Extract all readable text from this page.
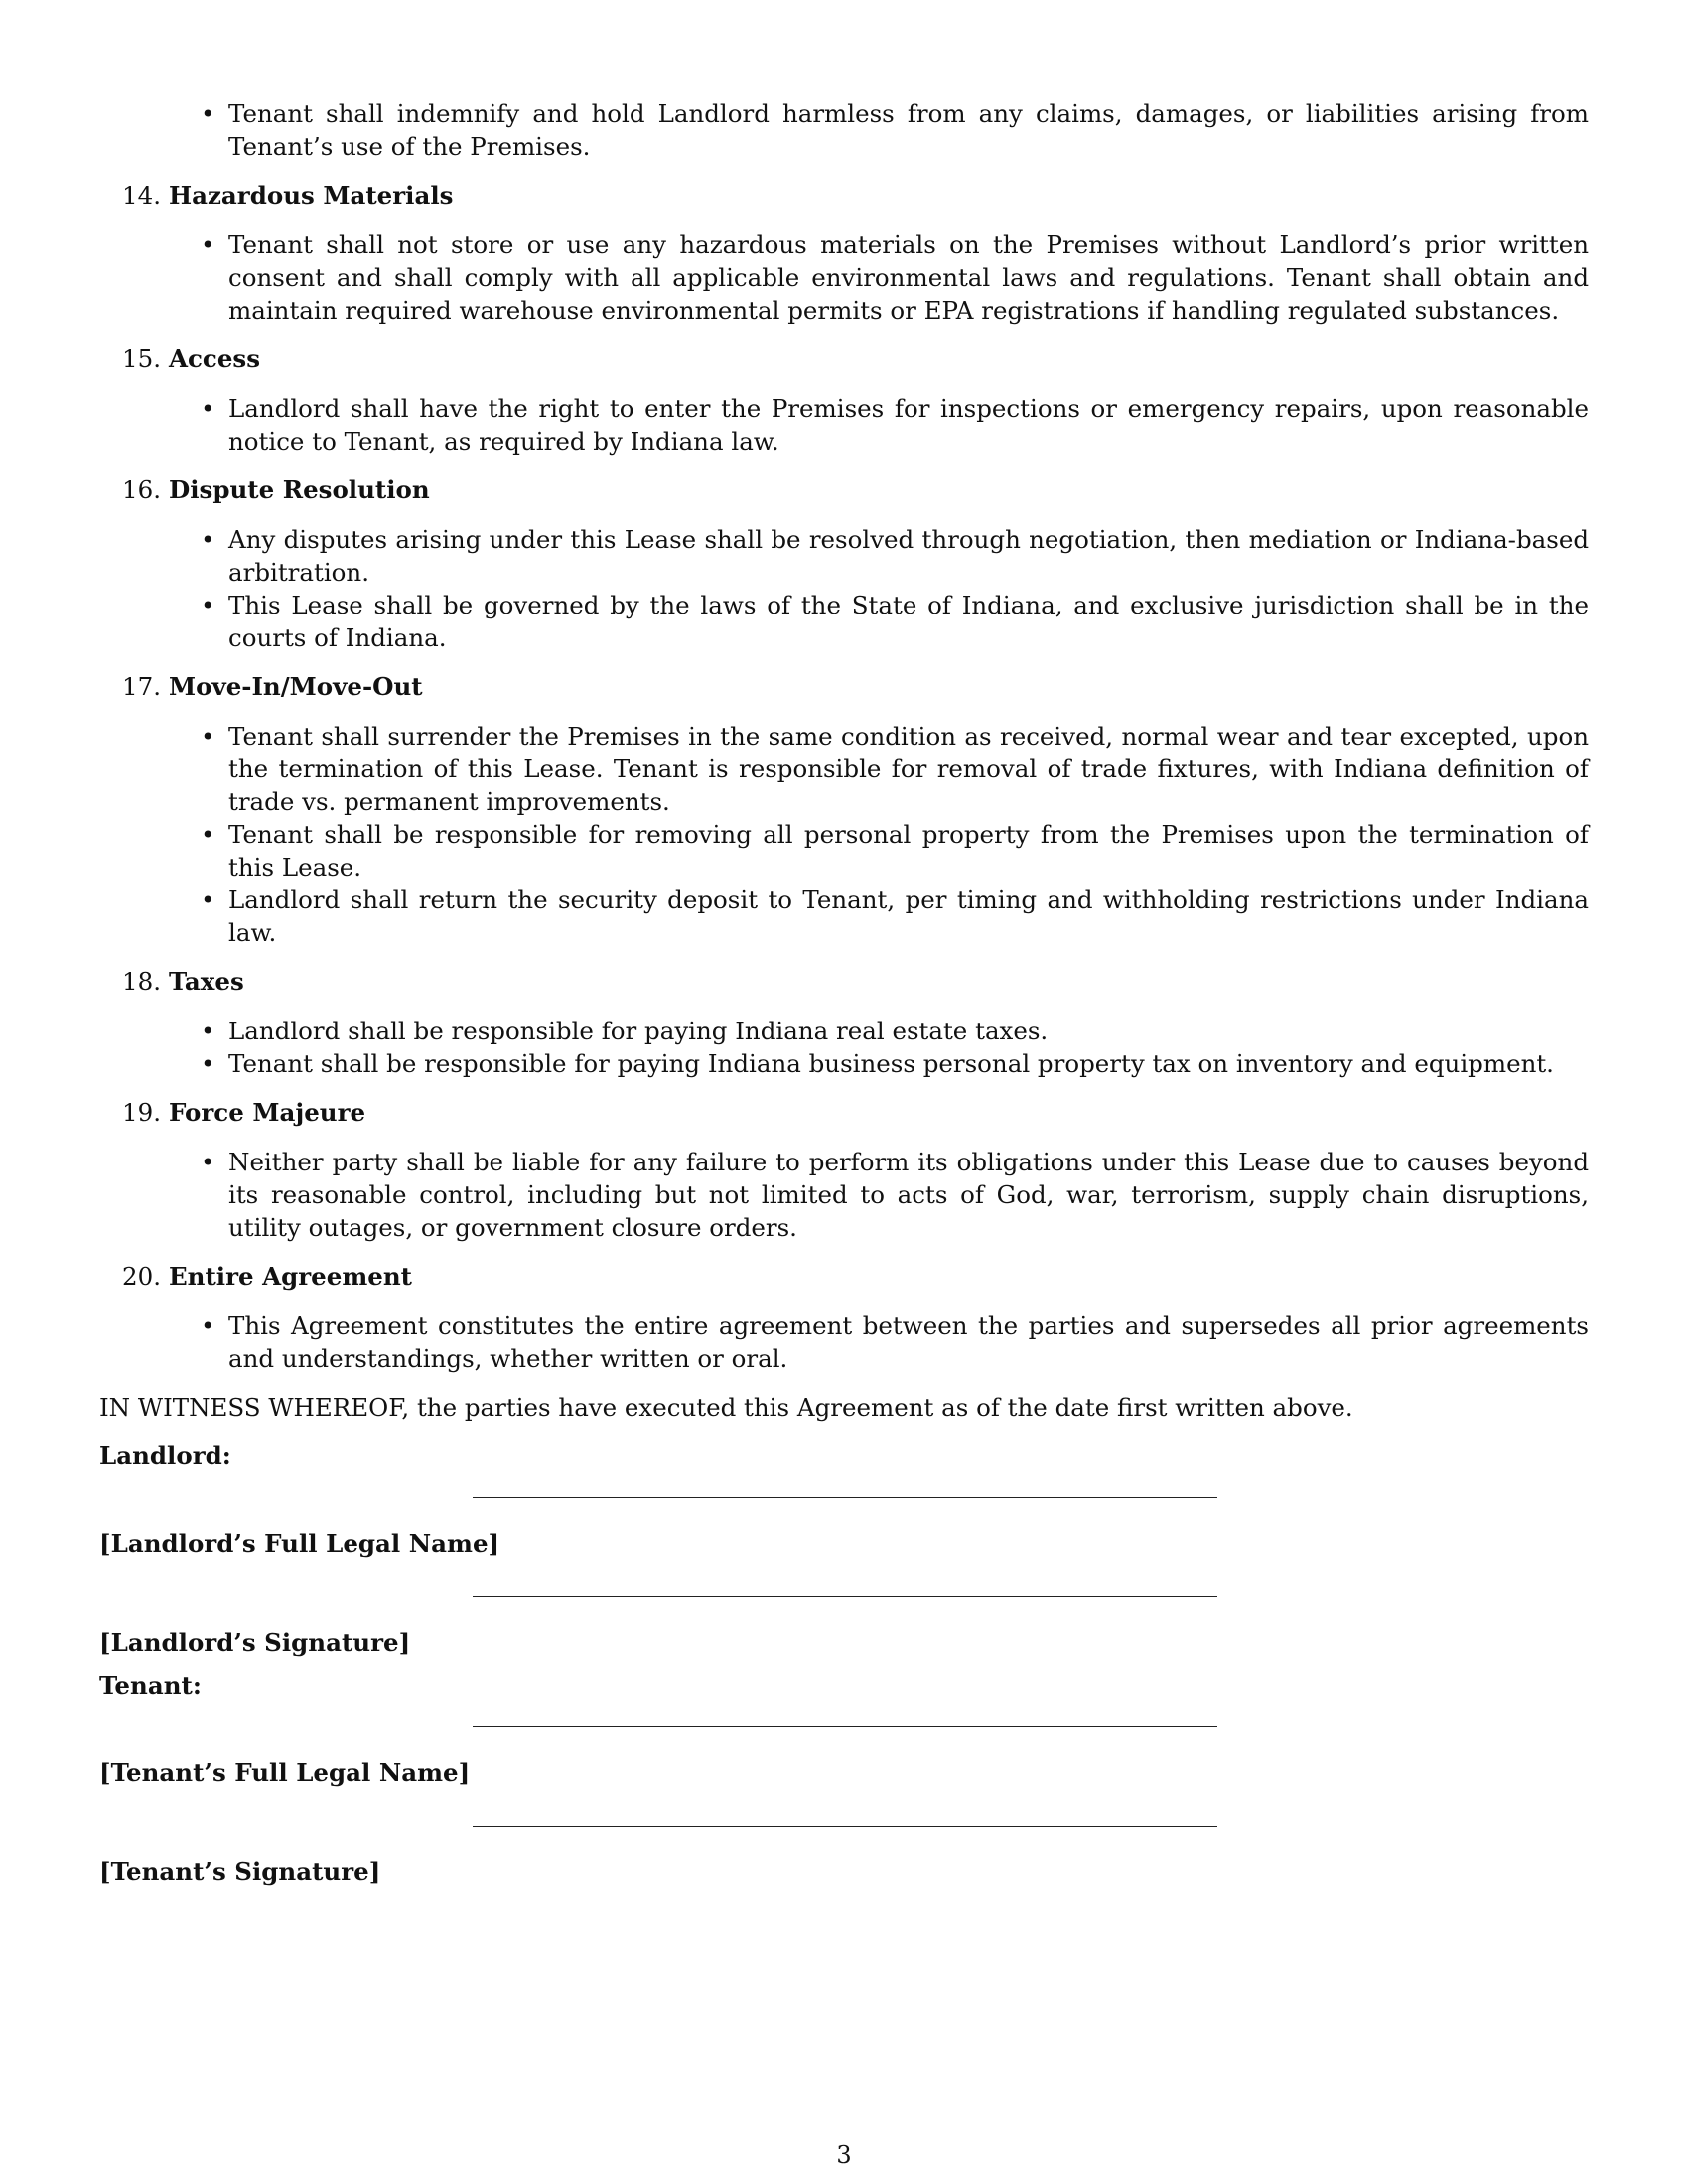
• Tenant shall indemnify and hold Landlord harmless from any claims, damages, or liabilities arising from Tenant’s use of the Premises.
14. Hazardous Materials
• Tenant shall not store or use any hazardous materials on the Premises without Landlord’s prior written consent and shall comply with all applicable environmental laws and regulations. Tenant shall obtain and maintain required warehouse environmental permits or EPA registrations if handling regulated substances.
15. Access
• Landlord shall have the right to enter the Premises for inspections or emergency repairs, upon reasonable notice to Tenant, as required by Indiana law.
16. Dispute Resolution
• Any disputes arising under this Lease shall be resolved through negotiation, then mediation or Indiana-based arbitration.
• This Lease shall be governed by the laws of the State of Indiana, and exclusive jurisdiction shall be in the courts of Indiana.
17. Move-In/Move-Out
• Tenant shall surrender the Premises in the same condition as received, normal wear and tear excepted, upon the termination of this Lease. Tenant is responsible for removal of trade fixtures, with Indiana definition of trade vs. permanent improvements.
• Tenant shall be responsible for removing all personal property from the Premises upon the termination of this Lease.
• Landlord shall return the security deposit to Tenant, per timing and withholding restrictions under Indiana law.
18. Taxes
• Landlord shall be responsible for paying Indiana real estate taxes.
• Tenant shall be responsible for paying Indiana business personal property tax on inventory and equipment.
19. Force Majeure
• Neither party shall be liable for any failure to perform its obligations under this Lease due to causes beyond its reasonable control, including but not limited to acts of God, war, terrorism, supply chain disruptions, utility outages, or government closure orders.
20. Entire Agreement
• This Agreement constitutes the entire agreement between the parties and supersedes all prior agreements and understandings, whether written or oral.

IN WITNESS WHEREOF, the parties have executed this Agreement as of the date first written above.

Landlord:

[Landlord’s Full Legal Name]
[Landlord’s Signature]

Tenant:

[Tenant’s Full Legal Name]
[Tenant’s Signature]
3
